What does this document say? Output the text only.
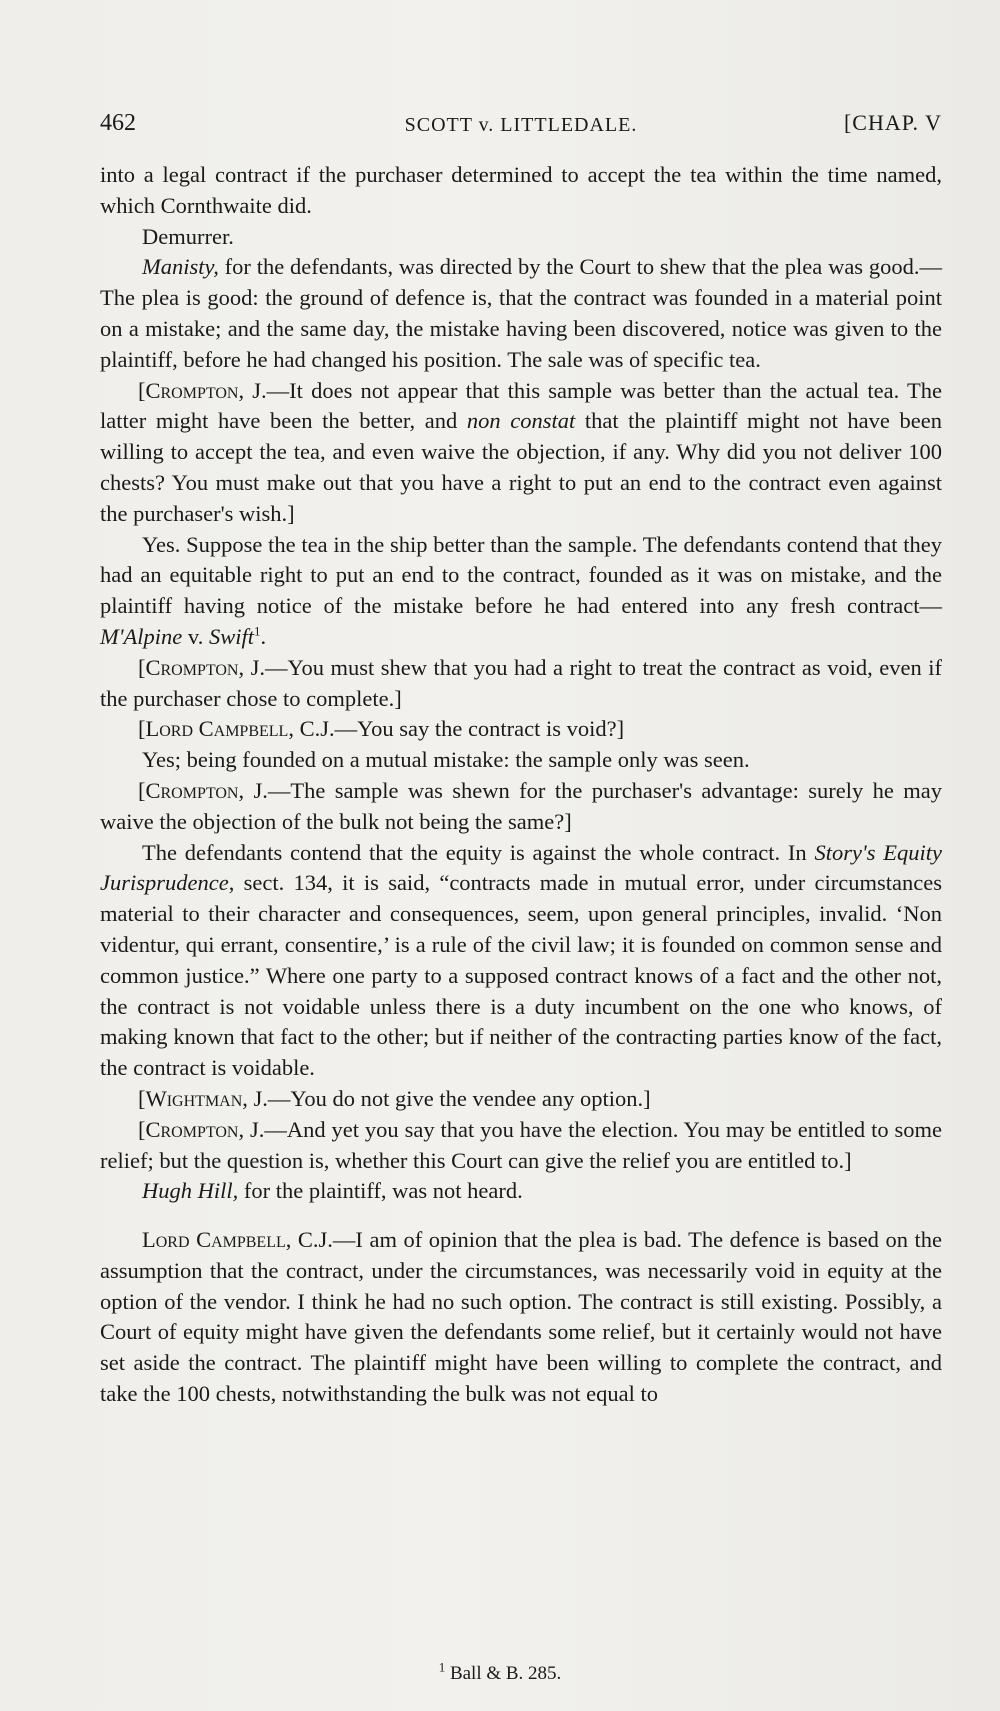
462	SCOTT v. LITTLEDALE.	[CHAP. V

into a legal contract if the purchaser determined to accept the tea within the time named, which Cornthwaite did.

Demurrer.

Manisty, for the defendants, was directed by the Court to shew that the plea was good.—The plea is good: the ground of defence is, that the contract was founded in a material point on a mistake; and the same day, the mistake having been discovered, notice was given to the plaintiff, before he had changed his position. The sale was of specific tea.

[Crompton, J.—It does not appear that this sample was better than the actual tea. The latter might have been the better, and non constat that the plaintiff might not have been willing to accept the tea, and even waive the objection, if any. Why did you not deliver 100 chests? You must make out that you have a right to put an end to the contract even against the purchaser's wish.]

Yes. Suppose the tea in the ship better than the sample. The defendants contend that they had an equitable right to put an end to the contract, founded as it was on mistake, and the plaintiff having notice of the mistake before he had entered into any fresh contract—M'Alpine v. Swift$^1$.

[Crompton, J.—You must shew that you had a right to treat the contract as void, even if the purchaser chose to complete.]

[Lord Campbell, C.J.—You say the contract is void?]

Yes; being founded on a mutual mistake: the sample only was seen.

[Crompton, J.—The sample was shewn for the purchaser's advantage: surely he may waive the objection of the bulk not being the same?]

The defendants contend that the equity is against the whole contract. In Story's Equity Jurisprudence, sect. 134, it is said, “contracts made in mutual error, under circumstances material to their character and consequences, seem, upon general principles, invalid. ‘Non videntur, qui errant, consentire,’ is a rule of the civil law; it is founded on common sense and common justice.” Where one party to a supposed contract knows of a fact and the other not, the contract is not voidable unless there is a duty incumbent on the one who knows, of making known that fact to the other; but if neither of the contracting parties know of the fact, the contract is voidable.

[Wightman, J.—You do not give the vendee any option.]

[Crompton, J.—And yet you say that you have the election. You may be entitled to some relief; but the question is, whether this Court can give the relief you are entitled to.]

Hugh Hill, for the plaintiff, was not heard.

Lord Campbell, C.J.—I am of opinion that the plea is bad. The defence is based on the assumption that the contract, under the circumstances, was necessarily void in equity at the option of the vendor. I think he had no such option. The contract is still existing. Possibly, a Court of equity might have given the defendants some relief, but it certainly would not have set aside the contract. The plaintiff might have been willing to complete the contract, and take the 100 chests, notwithstanding the bulk was not equal to

$^1$ Ball & B. 285.
